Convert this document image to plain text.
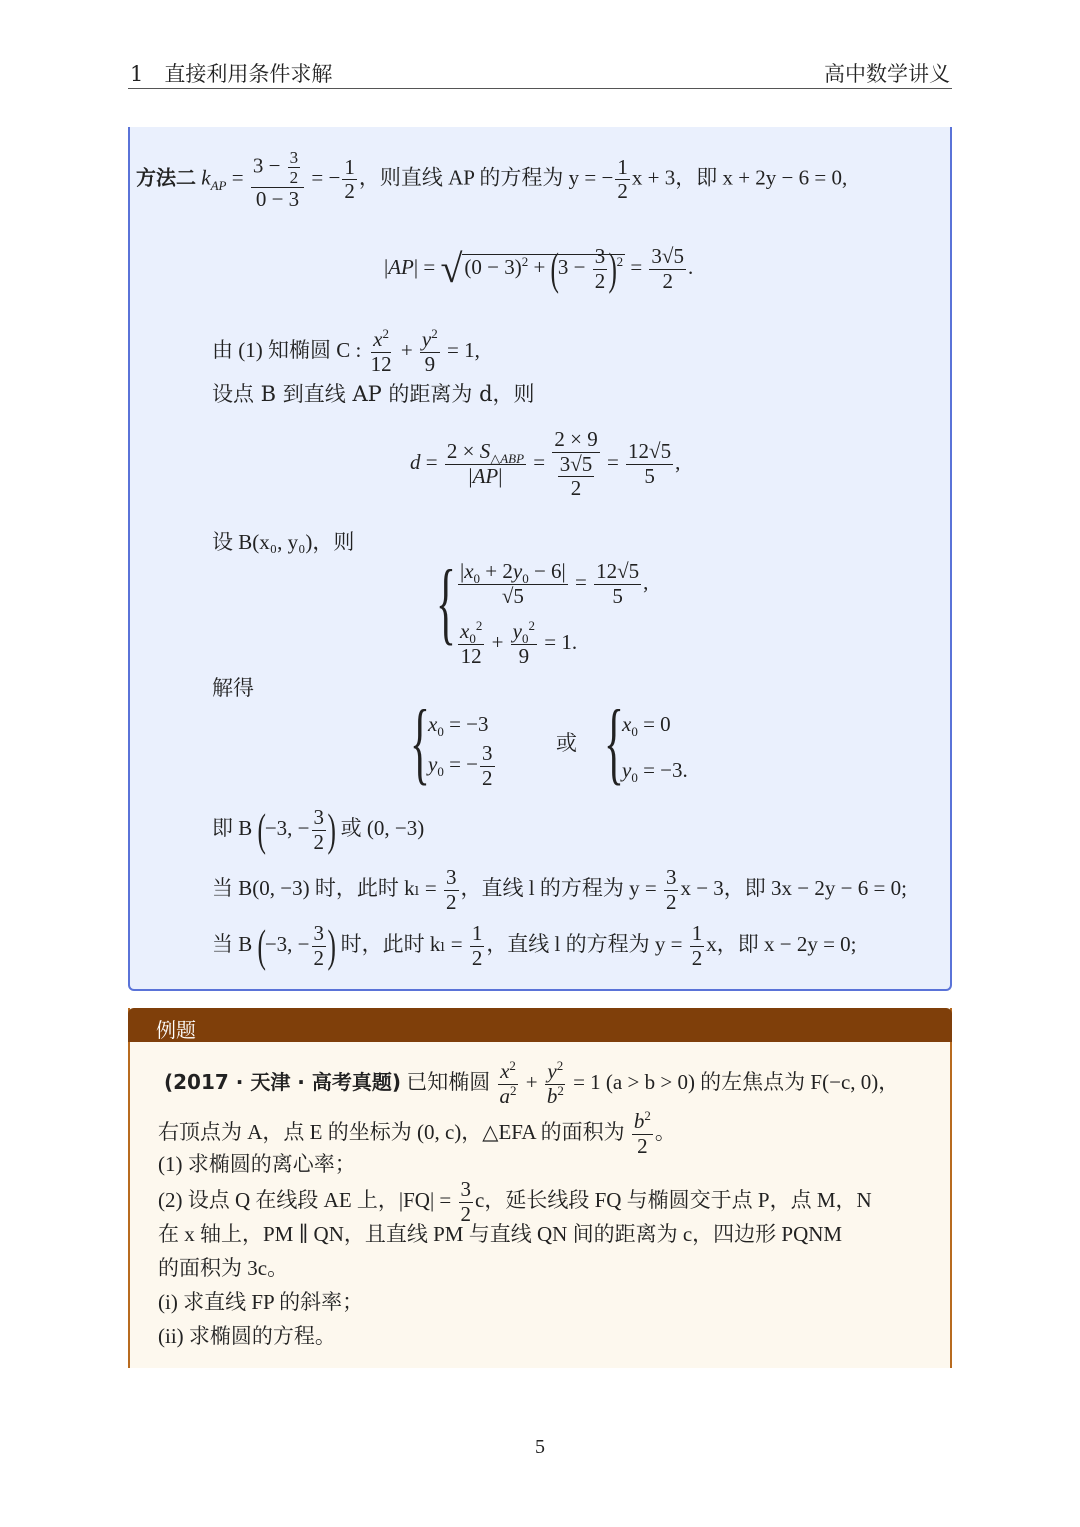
1　直接利用条件求解	高中数学讲义
方法二 $k_{AP} = \frac{3 - \frac{3}{2}}{0 - 3}$ = − $\frac{1}{2}$ ，则直线 AP 的方程为 y = − $\frac{1}{2}$ x + 3，即 x + 2y − 6 = 0,
$|AP| = √(0 - 3)^2 + (3 - \frac{3}{2} )^2 = \frac{3√5}{2}$ .
由 (1) 知椭圆 C : $\frac{x^2}{12} + \frac{y^2}{9} = 1$,
设点 B 到直线 AP 的距离为 d，则
$d = \frac{2 \times S_{\triangle ABP}}{|AP|} = \frac{2 \times 9}{\frac{3√5}{2}} = \frac{12√5}{5}$ ,
设 B(x₀, y₀)，则
{ $\frac{|x_0 + 2y_0 - 6|}{√5} = \frac{12√5}{5}$ ,
$\frac{x_0^2}{12} + \frac{y_0^2}{9} = 1$.
解得
{
$x_0 = -3$
$y_0$ = − $\frac{3}{2}$	或 {
$x_0 = 0$
$y_0 = -3$.
即 B (−3, − $\frac{3}{2}$ ) 或 (0, −3)
当 B(0, −3) 时，此时 $k_l = \frac{3}{2}$ ，直线 l 的方程为 $y = \frac{3}{2}$ x − 3，即 3x − 2y − 6 = 0;
当 B (−3, − $\frac{3}{2}$ ) 时，此时 $k_l = \frac{1}{2}$ ，直线 l 的方程为 $y = \frac{1}{2}$ x，即 x − 2y = 0;
例题
(2017 · 天津 · 高考真题) 已知椭圆 $\frac{x^2}{a^2} + \frac{y^2}{b^2} = 1$ (a > b > 0) 的左焦点为 F(−c, 0)，
右顶点为 A，点 E 的坐标为 (0, c)，△EFA 的面积为 $\frac{b^2}{2}$ 。
(1) 求椭圆的离心率；
(2) 设点 Q 在线段 AE 上，$|FQ| = \frac{3}{2}$ c，延长线段 FQ 与椭圆交于点 P，点 M，N
在 x 轴上，PM ∥ QN，且直线 PM 与直线 QN 间的距离为 c，四边形 PQNM
的面积为 3c。
(i) 求直线 FP 的斜率；
(ii) 求椭圆的方程。
5
